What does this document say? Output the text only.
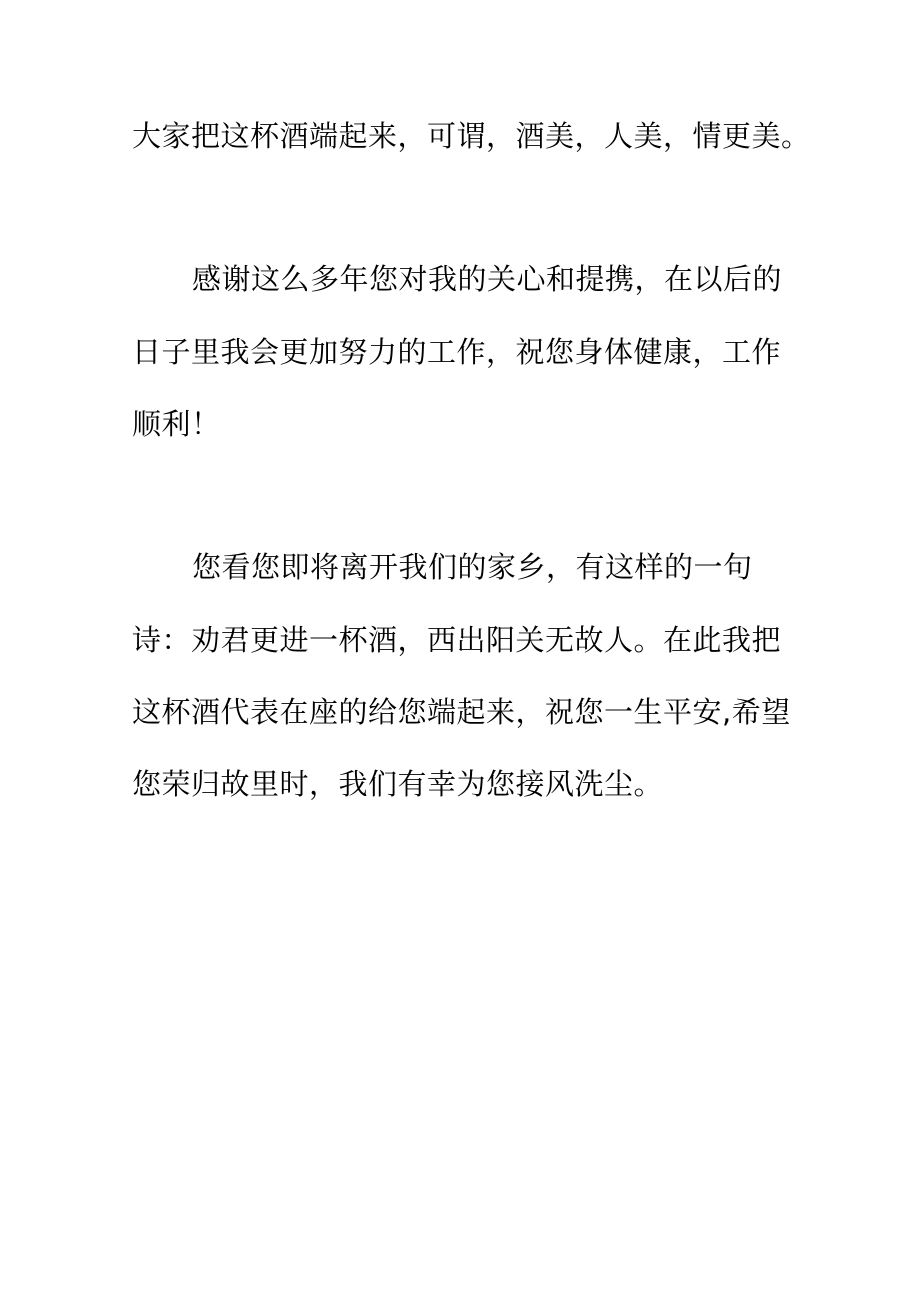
大家把这杯酒端起来，可谓，酒美，人美，情更美。

感谢这么多年您对我的关心和提携，在以后的

日子里我会更加努力的工作，祝您身体健康，工作

顺利！

您看您即将离开我们的家乡，有这样的一句

诗：劝君更进一杯酒，西出阳关无故人。在此我把

这杯酒代表在座的给您端起来，祝您一生平安,希望

您荣归故里时，我们有幸为您接风洗尘。
